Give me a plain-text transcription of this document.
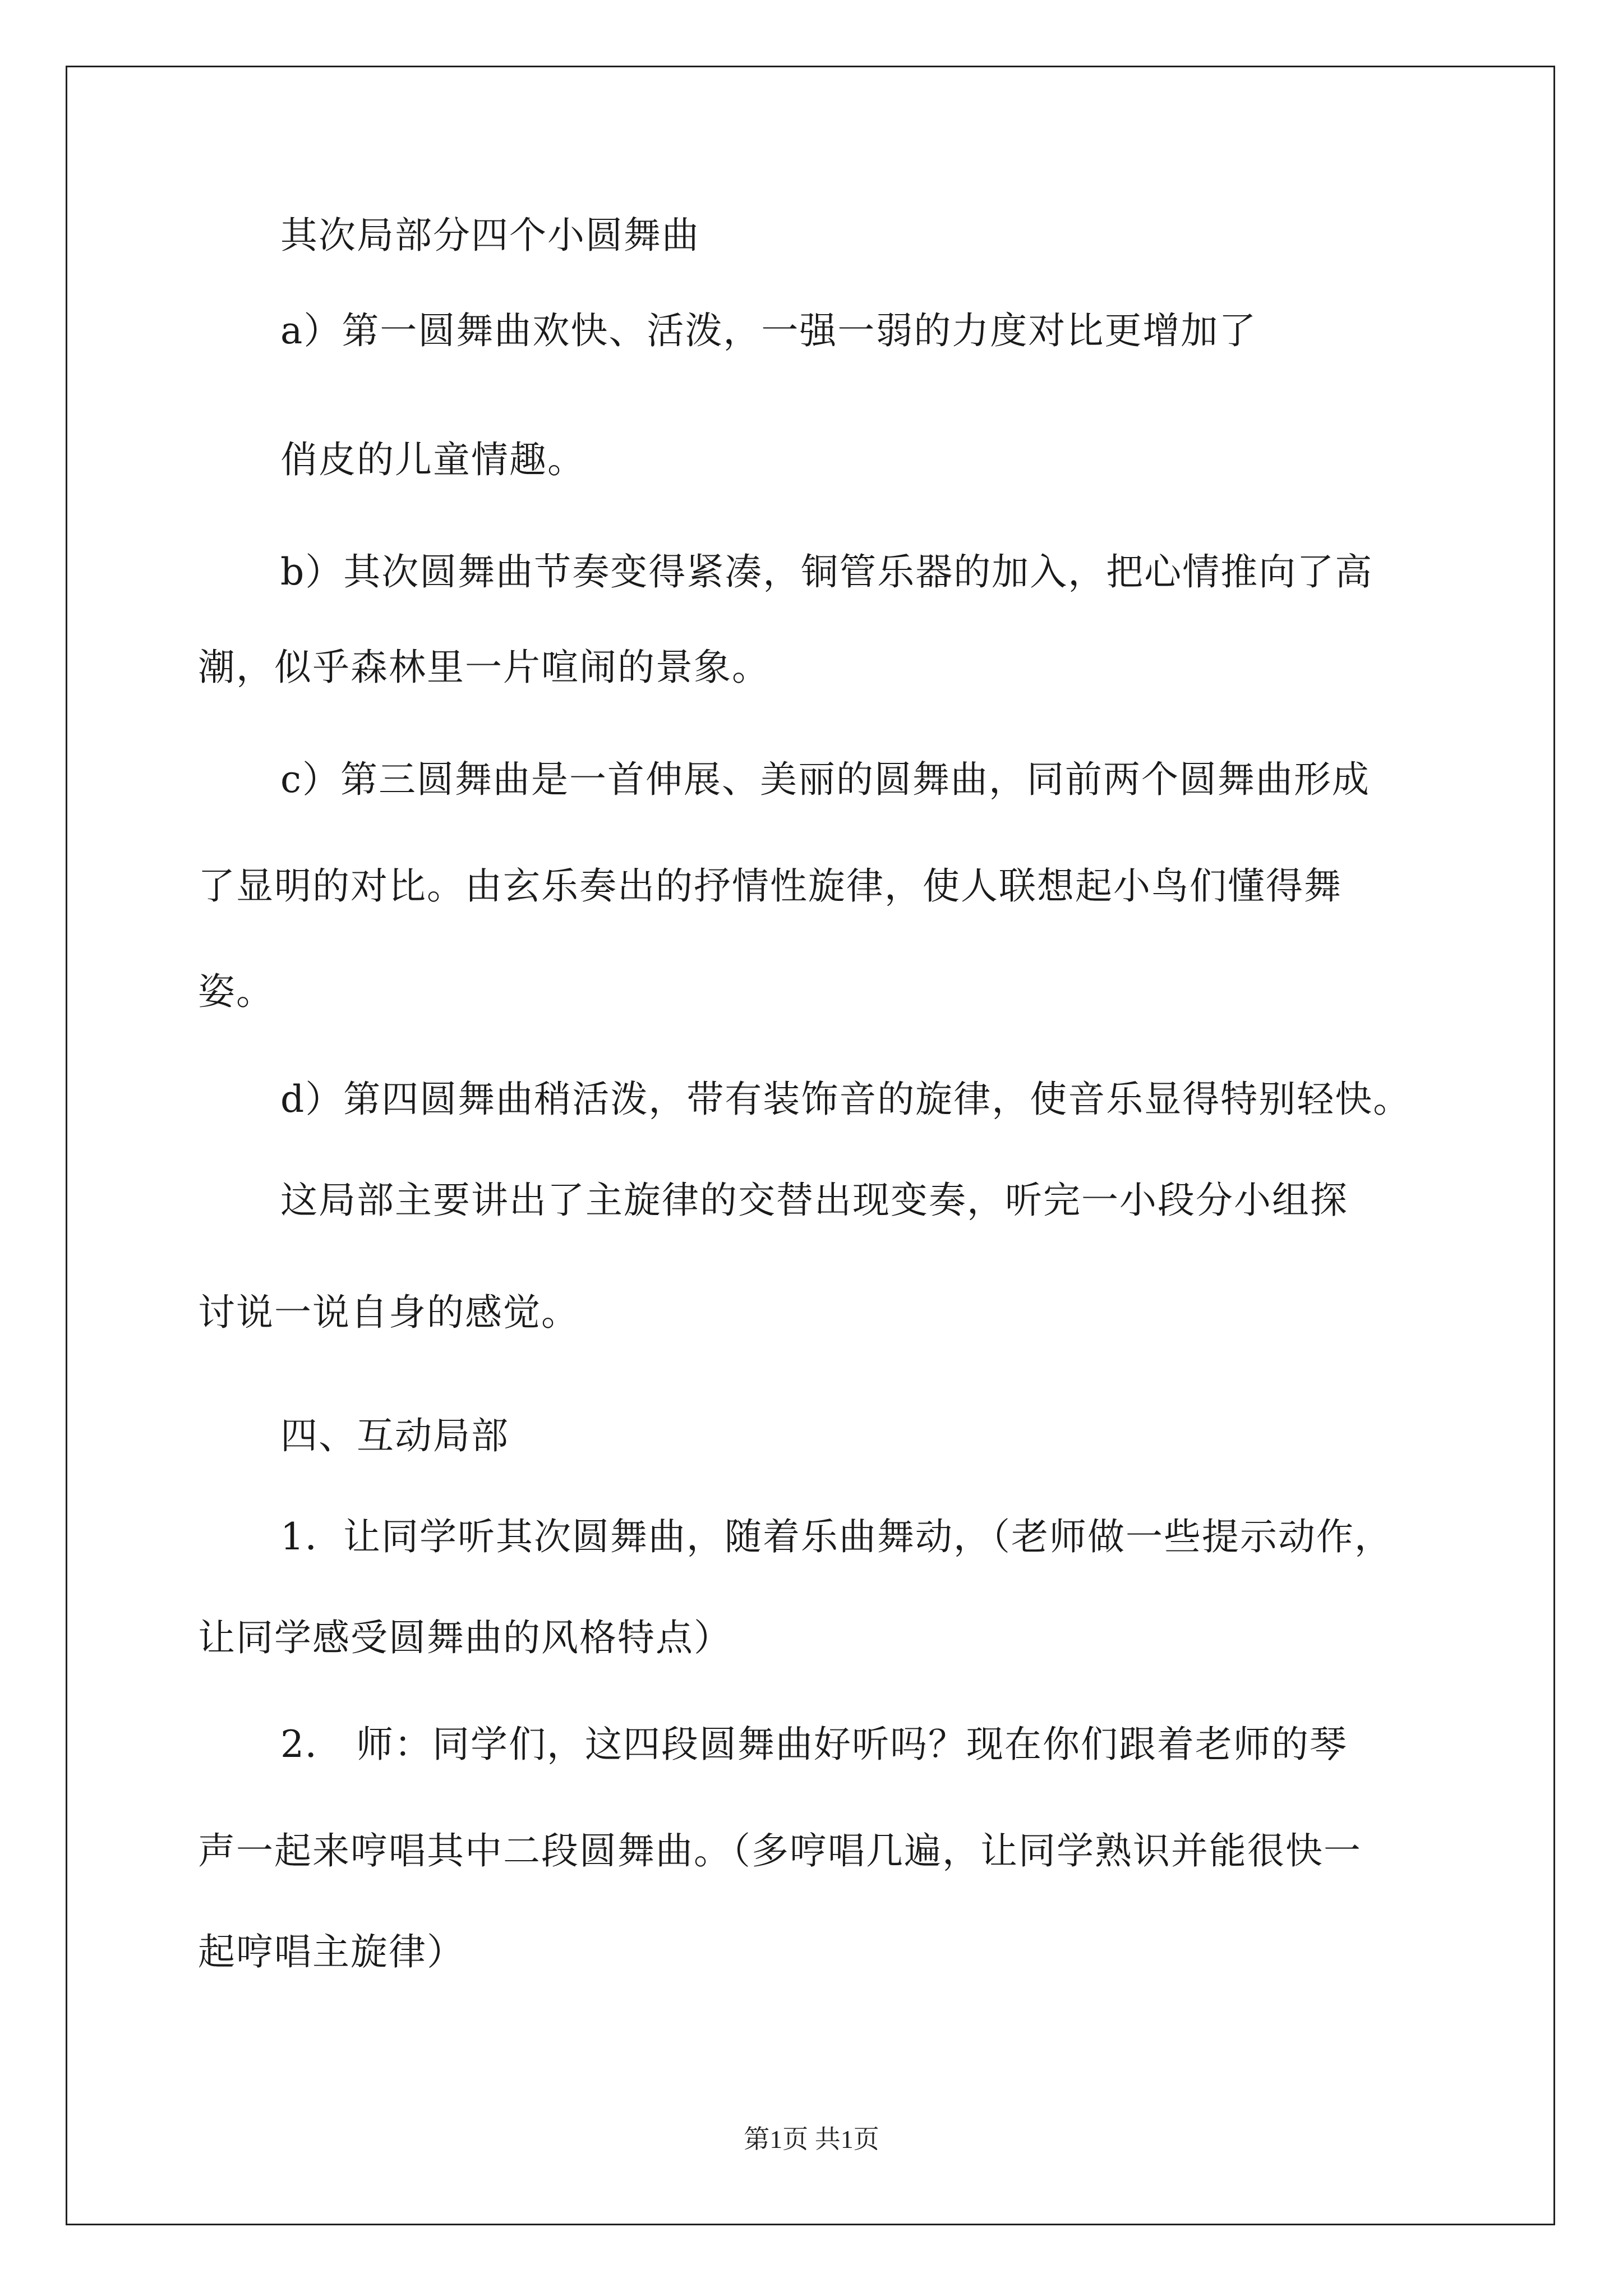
其次局部分四个小圆舞曲
a）第一圆舞曲欢快、活泼，一强一弱的力度对比更增加了
俏皮的儿童情趣。
b）其次圆舞曲节奏变得紧凑，铜管乐器的加入，把心情推向了高
潮，似乎森林里一片喧闹的景象。
c）第三圆舞曲是一首伸展、美丽的圆舞曲，同前两个圆舞曲形成
了显明的对比。由玄乐奏出的抒情性旋律，使人联想起小鸟们懂得舞
姿。
d）第四圆舞曲稍活泼，带有装饰音的旋律，使音乐显得特别轻快。
这局部主要讲出了主旋律的交替出现变奏，听完一小段分小组探
讨说一说自身的感觉。
四、互动局部
1．让同学听其次圆舞曲，随着乐曲舞动，（老师做一些提示动作，
让同学感受圆舞曲的风格特点）
2． 师：同学们，这四段圆舞曲好听吗？现在你们跟着老师的琴
声一起来哼唱其中二段圆舞曲。（多哼唱几遍，让同学熟识并能很快一
起哼唱主旋律）
第1页 共1页
